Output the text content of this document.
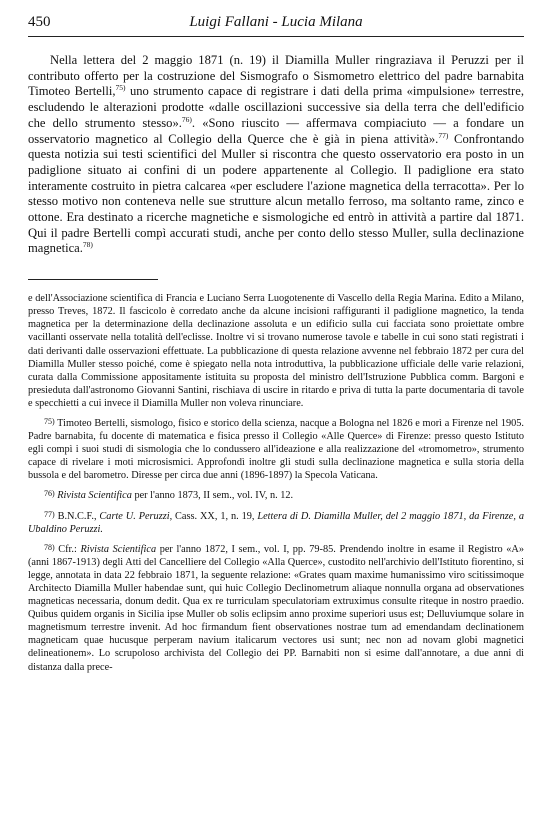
450	Luigi Fallani - Lucia Milana

Nella lettera del 2 maggio 1871 (n. 19) il Diamilla Muller ringraziava il Peruzzi per il contributo offerto per la costruzione del Sismografo o Sismometro elettrico del padre barnabita Timoteo Bertelli,$^{75)}$ uno strumento capace di registrare i dati della prima «impulsione» terrestre, escludendo le alterazioni prodotte «dalle oscillazioni successive sia della terra che dell'edificio che dello strumento stesso».$^{76)}$. «Sono riuscito — affermava compiaciuto — a fondare un osservatorio magnetico al Collegio della Querce che è già in piena attività».$^{77)}$ Confrontando questa notizia sui testi scientifici del Muller si riscontra che questo osservatorio era posto in un padiglione situato ai confini di un podere appartenente al Collegio. Il padiglione era stato interamente costruito in pietra calcarea «per escludere l'azione magnetica della terracotta». Per lo stesso motivo non conteneva nelle sue strutture alcun metallo ferroso, ma soltanto rame, zinco e ottone. Era destinato a ricerche magnetiche e sismologiche ed entrò in attività a partire dal 1871. Qui il padre Bertelli compì accurati studi, anche per conto dello stesso Muller, sulla declinazione magnetica.$^{78)}$

e dell'Associazione scientifica di Francia e Luciano Serra Luogotenente di Vascello della Regia Marina. Edito a Milano, presso Treves, 1872. Il fascicolo è corredato anche da alcune incisioni raffiguranti il padiglione magnetico, la tenda magnetica per la determinazione della declinazione assoluta e un edificio sulla cui facciata sono proiettate ombre vacillanti osservate nella totalità dell'eclisse. Inoltre vi si trovano numerose tavole e tabelle in cui sono stati registrati i dati derivanti dalle osservazioni effettuate. La pubblicazione di questa relazione avvenne nel febbraio 1872 per cura del Diamilla Muller stesso poiché, come è spiegato nella nota introduttiva, la pubblicazione ufficiale delle varie relazioni, curata dalla Commissione appositamente istituita su proposta del ministro dell'Istruzione Pubblica comm. Bargoni e presieduta dall'astronomo Giovanni Santini, rischiava di uscire in ritardo e priva di tutta la parte documentaria di tavole e specchietti a cui invece il Diamilla Muller non voleva rinunciare.

75) Timoteo Bertelli, sismologo, fisico e storico della scienza, nacque a Bologna nel 1826 e morì a Firenze nel 1905. Padre barnabita, fu docente di matematica e fisica presso il Collegio «Alle Querce» di Firenze: presso questo Istituto egli compì i suoi studi di sismologia che lo condussero all'ideazione e alla realizzazione del «tromometro», strumento capace di rivelare i moti microsismici. Approfondì inoltre gli studi sulla declinazione magnetica e sulla storia della bussola e del barometro. Diresse per circa due anni (1896-1897) la Specola Vaticana.

76) Rivista Scientifica per l'anno 1873, II sem., vol. IV, n. 12.

77) B.N.C.F., Carte U. Peruzzi, Cass. XX, 1, n. 19, Lettera di D. Diamilla Muller, del 2 maggio 1871, da Firenze, a Ubaldino Peruzzi.

78) Cfr.: Rivista Scientifica per l'anno 1872, I sem., vol. I, pp. 79-85. Prendendo inoltre in esame il Registro «A» (anni 1867-1913) degli Atti del Cancelliere del Collegio «Alla Querce», custodito nell'archivio dell'Istituto fiorentino, si legge, annotata in data 22 febbraio 1871, la seguente relazione: «Grates quam maxime humanissimo viro scitissimoque Architecto Diamilla Muller habendae sunt, qui huic Collegio Declinometrum aliaque nonnulla organa ad observationes magneticas necessaria, donum dedit. Qua ex re turriculam speculatoriam extruximus consulte riteque in nostro praedio. Quibus quidem organis in Sicilia ipse Muller ob solis eclipsim anno proxime superiori usus est; Delluviumque solare in magnetismum terrestre invenit. Ad hoc firmandum fient observationes nostrae tum ad emendandam declinationem magneticam quae hucusque perperam navium italicarum vectores usi sunt; nec non ad novam globi magnetici delineationem». Lo scrupoloso archivista del Collegio dei PP. Barnabiti non si esime dall'annotare, a due anni di distanza dalla prece-
